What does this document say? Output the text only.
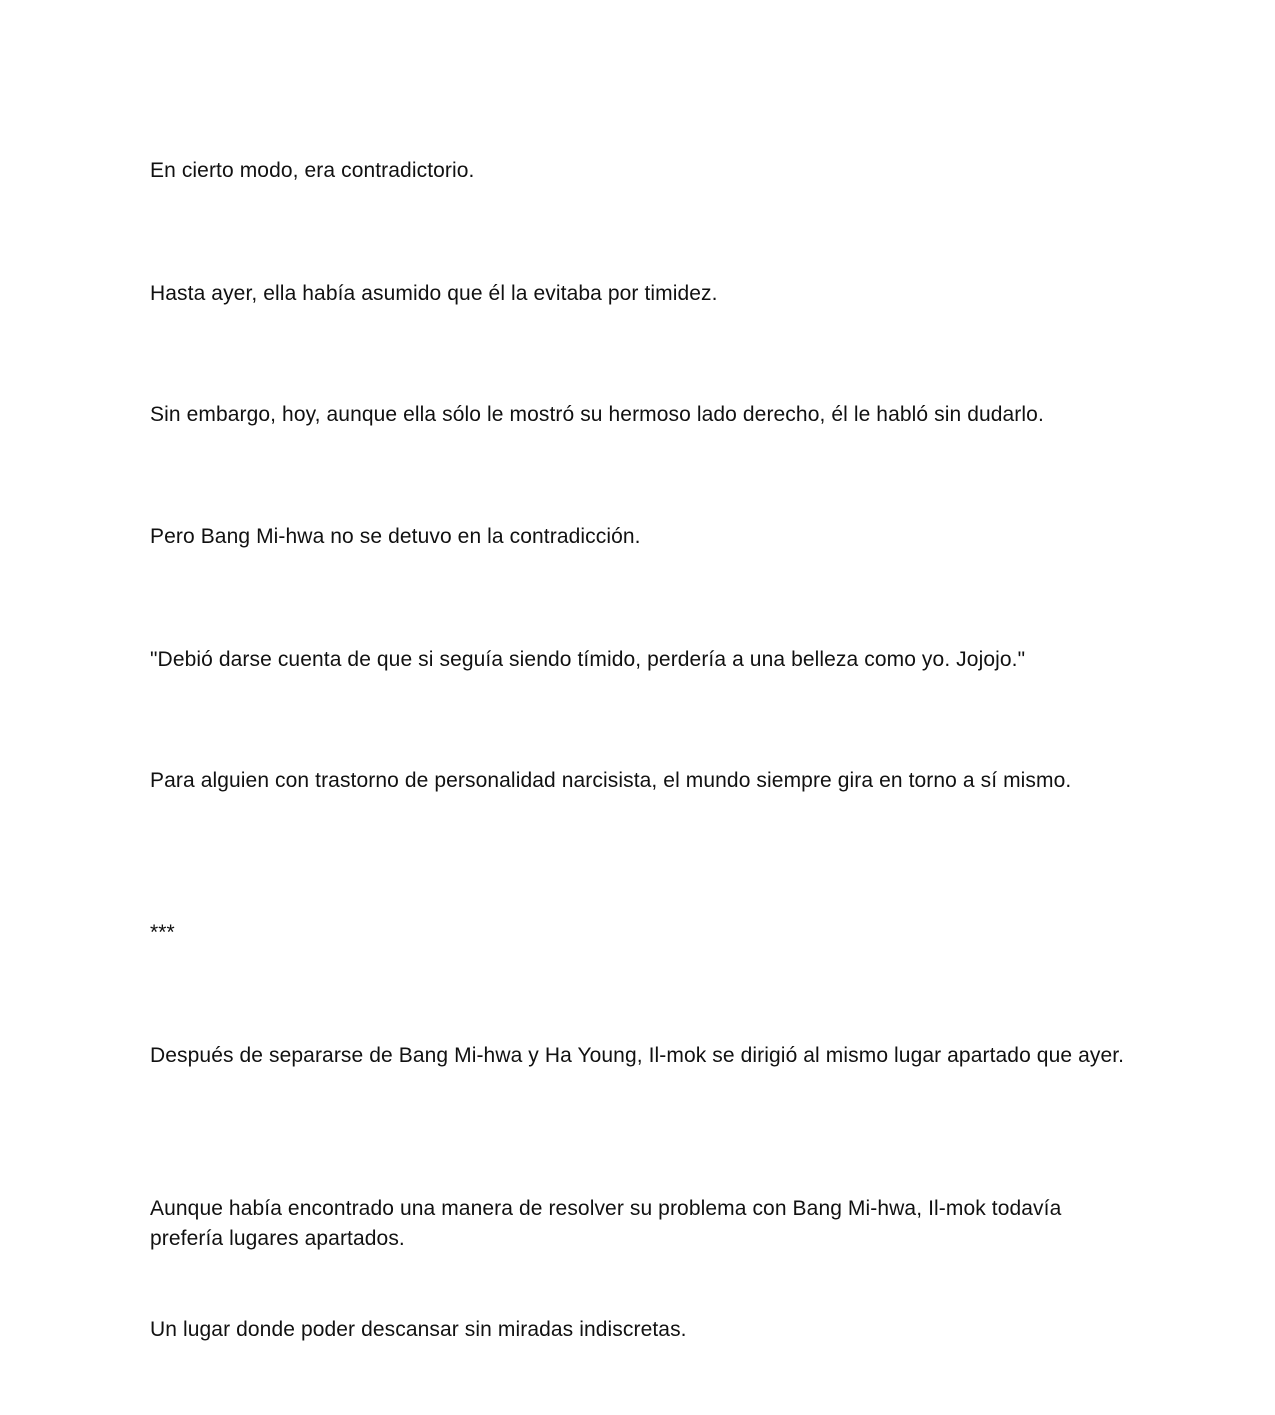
En cierto modo, era contradictorio.

Hasta ayer, ella había asumido que él la evitaba por timidez.

Sin embargo, hoy, aunque ella sólo le mostró su hermoso lado derecho, él le habló sin dudarlo.

Pero Bang Mi-hwa no se detuvo en la contradicción.

"Debió darse cuenta de que si seguía siendo tímido, perdería a una belleza como yo. Jojojo."

Para alguien con trastorno de personalidad narcisista, el mundo siempre gira en torno a sí mismo.

***

Después de separarse de Bang Mi-hwa y Ha Young, Il-mok se dirigió al mismo lugar apartado que ayer.

Aunque había encontrado una manera de resolver su problema con Bang Mi-hwa, Il-mok todavía prefería lugares apartados.

Un lugar donde poder descansar sin miradas indiscretas.
